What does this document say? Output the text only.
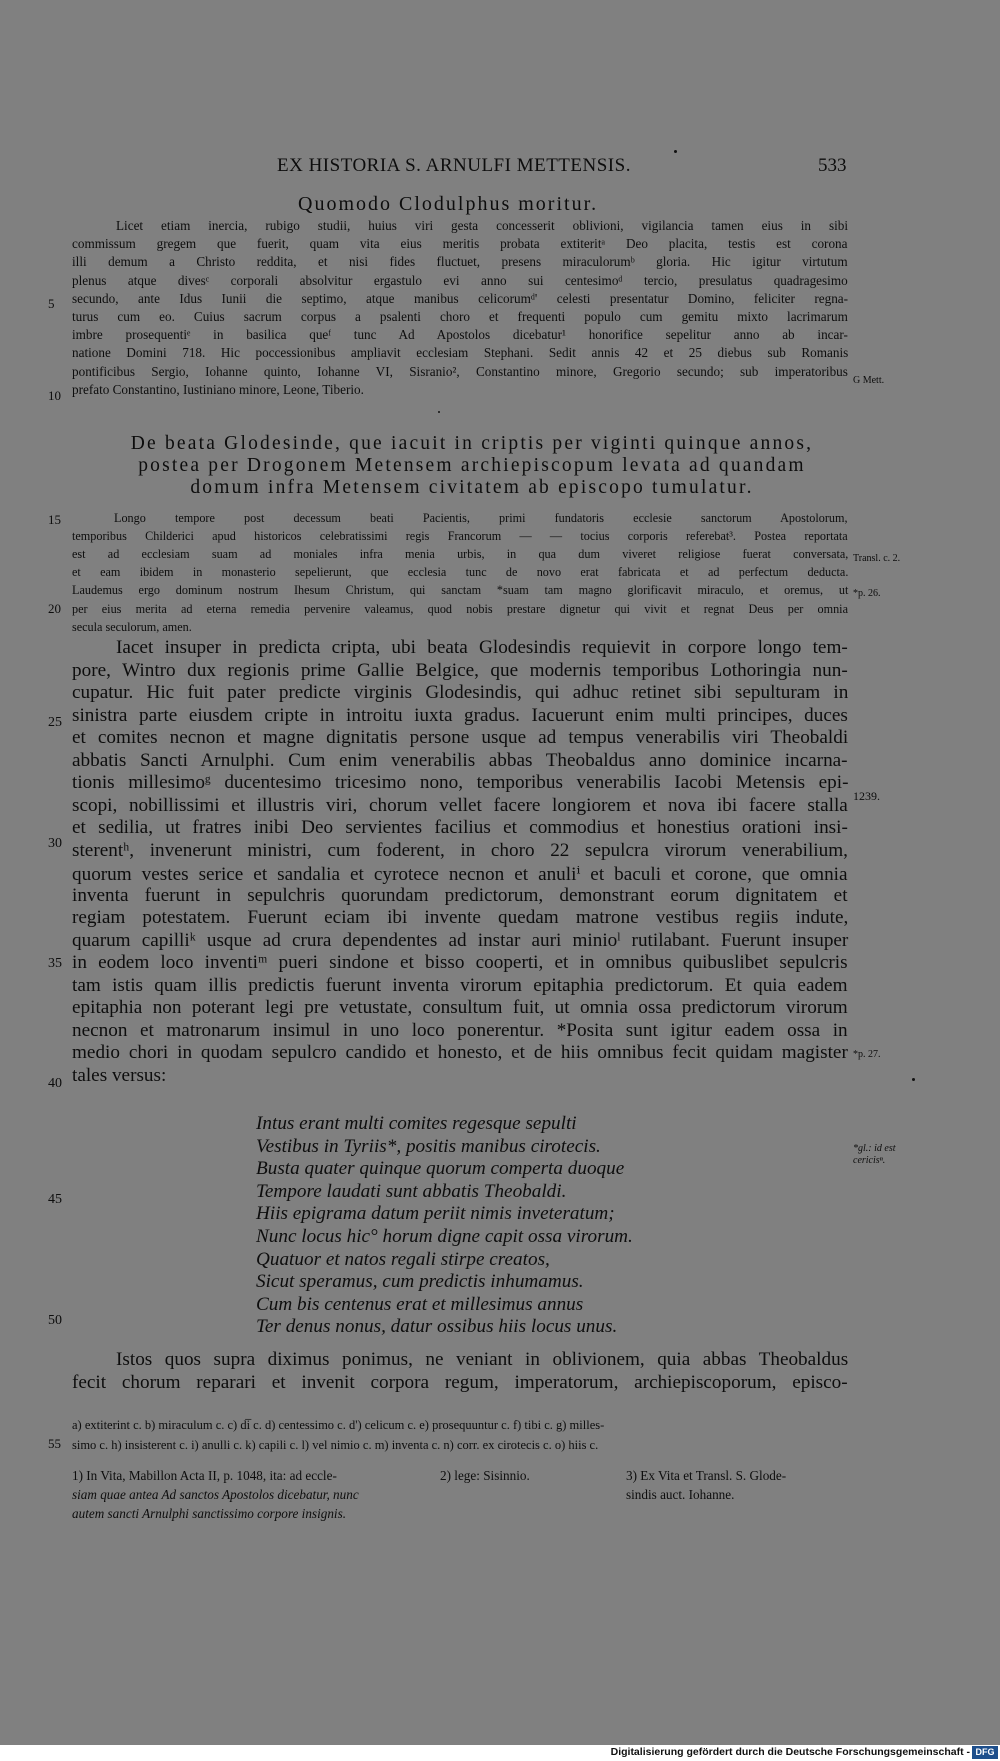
EX HISTORIA S. ARNULFI METTENSIS.	533
Quomodo Clodulphus moritur.
Licet etiam inercia, rubigo studii, huius viri gesta concesserit oblivioni, vigilancia tamen eius in sibi
commissum gregem que fuerit, quam vita eius meritis probata extiteritᵃ Deo placita, testis est corona
illi demum a Christo reddita, et nisi fides fluctuet, presens miraculorumᵇ gloria. Hic igitur virtutum
plenus atque divesᶜ corporali absolvitur ergastulo evi anno sui centesimoᵈ tercio, presulatus quadragesimo
secundo, ante Idus Iunii die septimo, atque manibus celicorumᵈ' celesti presentatur Domino, feliciter regna-
turus cum eo. Cuius sacrum corpus a psalenti choro et frequenti populo cum gemitu mixto lacrimarum
imbre prosequentiᵉ in basilica queᶠ tunc Ad Apostolos dicebatur¹ honorifice sepelitur anno ab incar-
natione Domini 718. Hic poccessionibus ampliavit ecclesiam Stephani. Sedit annis 42 et 25 diebus sub Romanis
pontificibus Sergio, Iohanne quinto, Iohanne VI, Sisranio², Constantino minore, Gregorio secundo; sub imperatoribus
prefato Constantino, Iustiniano minore, Leone, Tiberio.
De beata Glodesinde, que iacuit in criptis per viginti quinque annos,
postea per Drogonem Metensem archiepiscopum levata ad quandam
domum infra Metensem civitatem ab episcopo tumulatur.
Longo tempore post decessum beati Pacientis, primi fundatoris ecclesie sanctorum Apostolorum,
temporibus Childerici apud historicos celebratissimi regis Francorum — — tocius corporis referebat³. Postea reportata
est ad ecclesiam suam ad moniales infra menia urbis, in qua dum viveret religiose fuerat conversata,
et eam ibidem in monasterio sepelierunt, que ecclesia tunc de novo erat fabricata et ad perfectum deducta.
Laudemus ergo dominum nostrum Ihesum Christum, qui sanctam *suam tam magno glorificavit miraculo, et oremus, ut
per eius merita ad eterna remedia pervenire valeamus, quod nobis prestare dignetur qui vivit et regnat Deus per omnia
secula seculorum, amen.
Iacet insuper in predicta cripta, ubi beata Glodesindis requievit in corpore longo tem-
pore, Wintro dux regionis prime Gallie Belgice, que modernis temporibus Lothoringia nun-
cupatur. Hic fuit pater predicte virginis Glodesindis, qui adhuc retinet sibi sepulturam in
sinistra parte eiusdem cripte in introitu iuxta gradus. Iacuerunt enim multi principes, duces
et comites necnon et magne dignitatis persone usque ad tempus venerabilis viri Theobaldi
abbatis Sancti Arnulphi. Cum enim venerabilis abbas Theobaldus anno dominice incarna-
tionis millesimoᵍ ducentesimo tricesimo nono, temporibus venerabilis Iacobi Metensis epi-
scopi, nobillissimi et illustris viri, chorum vellet facere longiorem et nova ibi facere stalla
et sedilia, ut fratres inibi Deo servientes facilius et commodius et honestius orationi insi-
sterentʰ, invenerunt ministri, cum foderent, in choro 22 sepulcra virorum venerabilium,
quorum vestes serice et sandalia et cyrotece necnon et anuliⁱ et baculi et corone, que omnia
inventa fuerunt in sepulchris quorundam predictorum, demonstrant eorum dignitatem et
regiam potestatem. Fuerunt eciam ibi invente quedam matrone vestibus regiis indute,
quarum capilliᵏ usque ad crura dependentes ad instar auri minioˡ rutilabant. Fuerunt insuper
in eodem loco inventiᵐ pueri sindone et bisso cooperti, et in omnibus quibuslibet sepulcris
tam istis quam illis predictis fuerunt inventa virorum epitaphia predictorum. Et quia eadem
epitaphia non poterant legi pre vetustate, consultum fuit, ut omnia ossa predictorum virorum
necnon et matronarum insimul in uno loco ponerentur. *Posita sunt igitur eadem ossa in
medio chori in quodam sepulcro candido et honesto, et de hiis omnibus fecit quidam magister
tales versus:
Intus erant multi comites regesque sepulti
Vestibus in Tyriis*, positis manibus cirotecis.
Busta quater quinque quorum comperta duoque
Tempore laudati sunt abbatis Theobaldi.
Hiis epigrama datum periit nimis inveteratum;
Nunc locus hic° horum digne capit ossa virorum.
Quatuor et natos regali stirpe creatos,
Sicut speramus, cum predictis inhumamus.
Cum bis centenus erat et millesimus annus
Ter denus nonus, datur ossibus hiis locus unus.
Istos quos supra diximus ponimus, ne veniant in oblivionem, quia abbas Theobaldus
fecit chorum reparari et invenit corpora regum, imperatorum, archiepiscoporum, episco-
5
10
15
20
25
30
35
40
45
50
55
G Mett.
Transl. c. 2.
*p. 26.
1239.
*p. 27.
*gl.: id est
cericisⁿ.
a) extiterint c. b) miraculum c. c) di̅ c. d) centessimo c. d') celicum c. e) prosequuntur c. f) tibi c. g) milles-
simo c. h) insisterent c. i) anulli c. k) capili c. l) vel nimio c. m) inventa c. n) corr. ex cirotecis c. o) hiis c.
1) In Vita, Mabillon Acta II, p. 1048, ita: ad eccle-
siam quae antea Ad sanctos Apostolos dicebatur, nunc
autem sancti Arnulphi sanctissimo corpore insignis.
2) lege: Sisinnio.	3) Ex Vita et Transl. S. Glode-
sindis auct. Iohanne.
Digitalisierung gefördert durch die Deutsche Forschungsgemeinschaft - DFG
